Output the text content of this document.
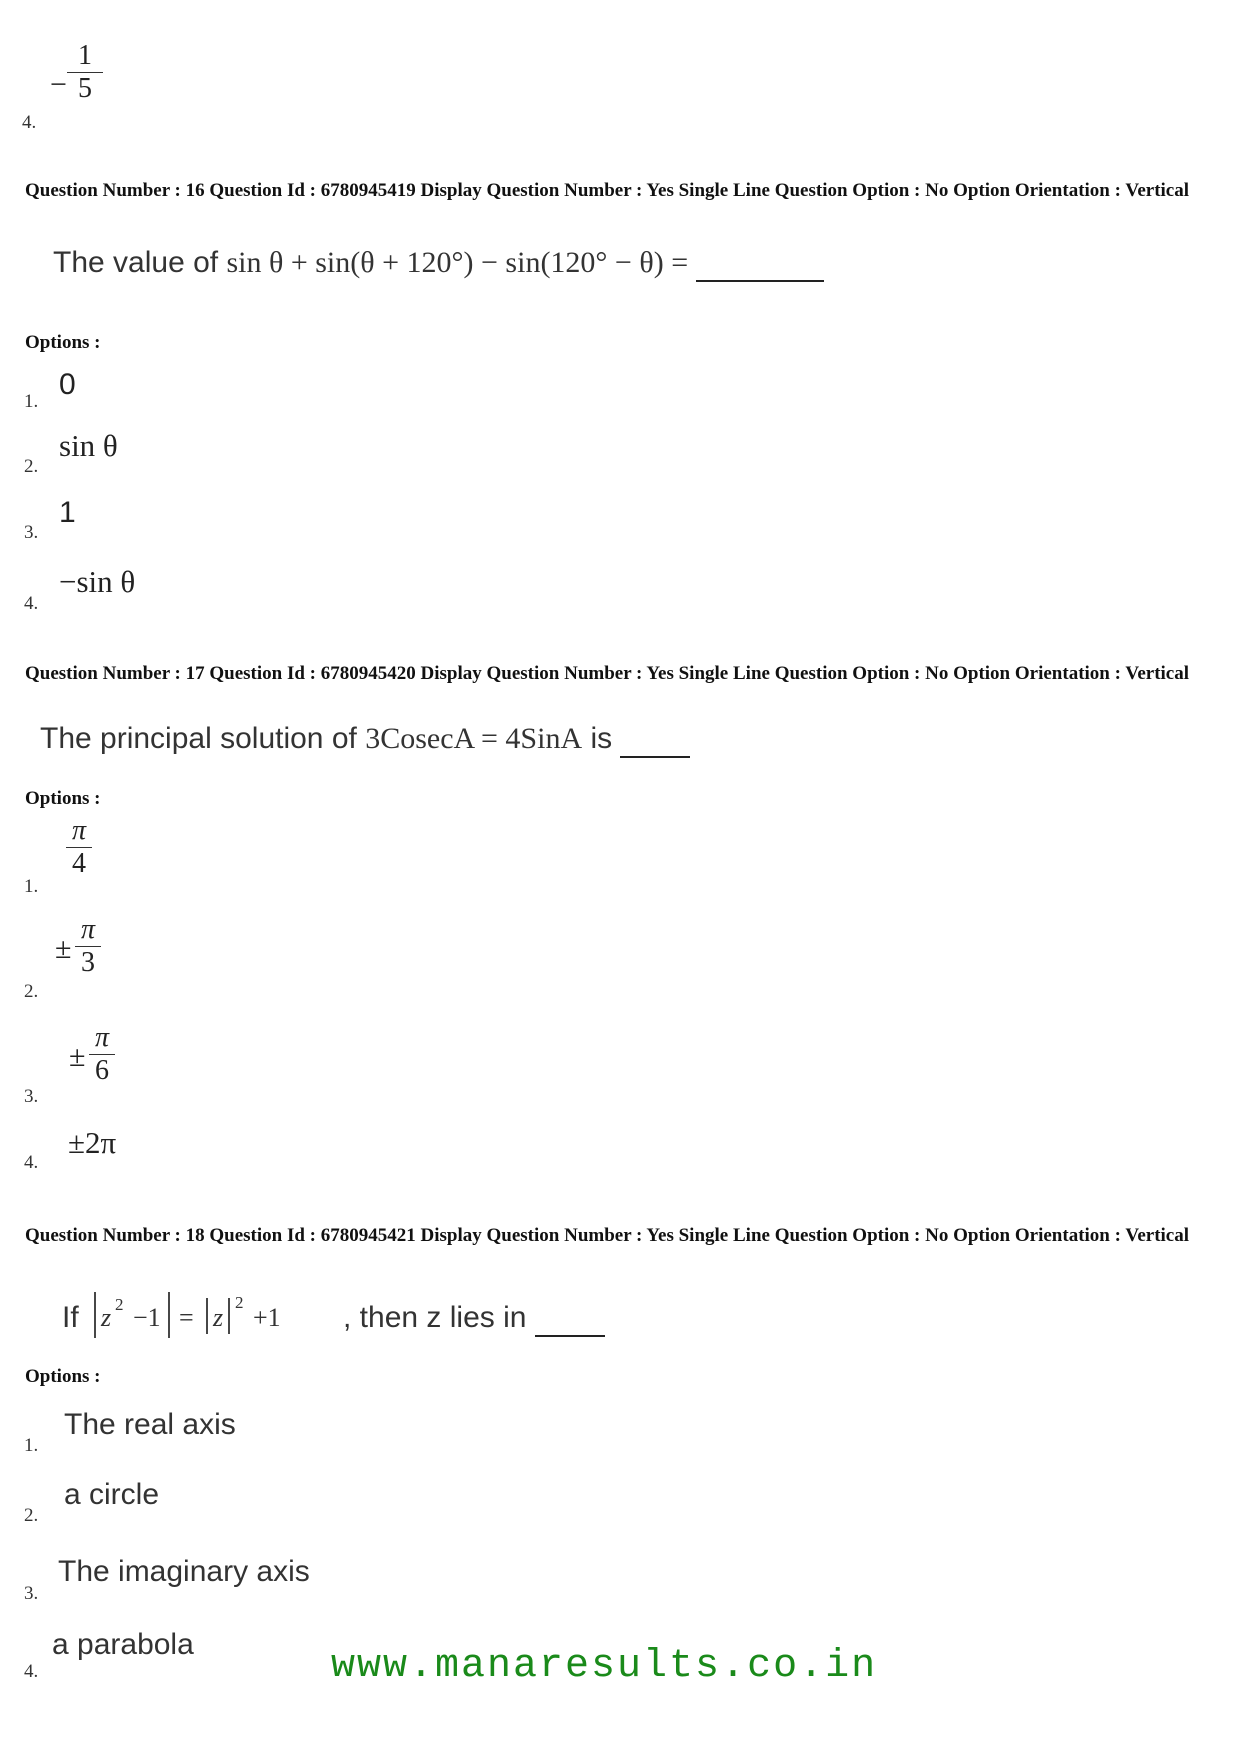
− $\frac{1}{5}$
4.
Question Number : 16 Question Id : 6780945419 Display Question Number : Yes Single Line Question Option : No Option Orientation : Vertical
The value of sin θ + sin(θ + 120°) − sin(120° − θ) =
Options :
1.
0
2.
sin θ
3.
1
4.
−sin θ
Question Number : 17 Question Id : 6780945420 Display Question Number : Yes Single Line Question Option : No Option Orientation : Vertical
The principal solution of 3CosecA = 4SinA is
Options :
1.
$\frac{\pi}{4}$
2.
± $\frac{\pi}{3}$
3.
± $\frac{\pi}{6}$
4.
±2π
Question Number : 18 Question Id : 6780945421 Display Question Number : Yes Single Line Question Option : No Option Orientation : Vertical
If z 2 −1 = z
2
+1 , then z lies in
Options :
1.
The real axis
2.
a circle
3.
The imaginary axis
4.
a parabola	www.manaresults.co.in
